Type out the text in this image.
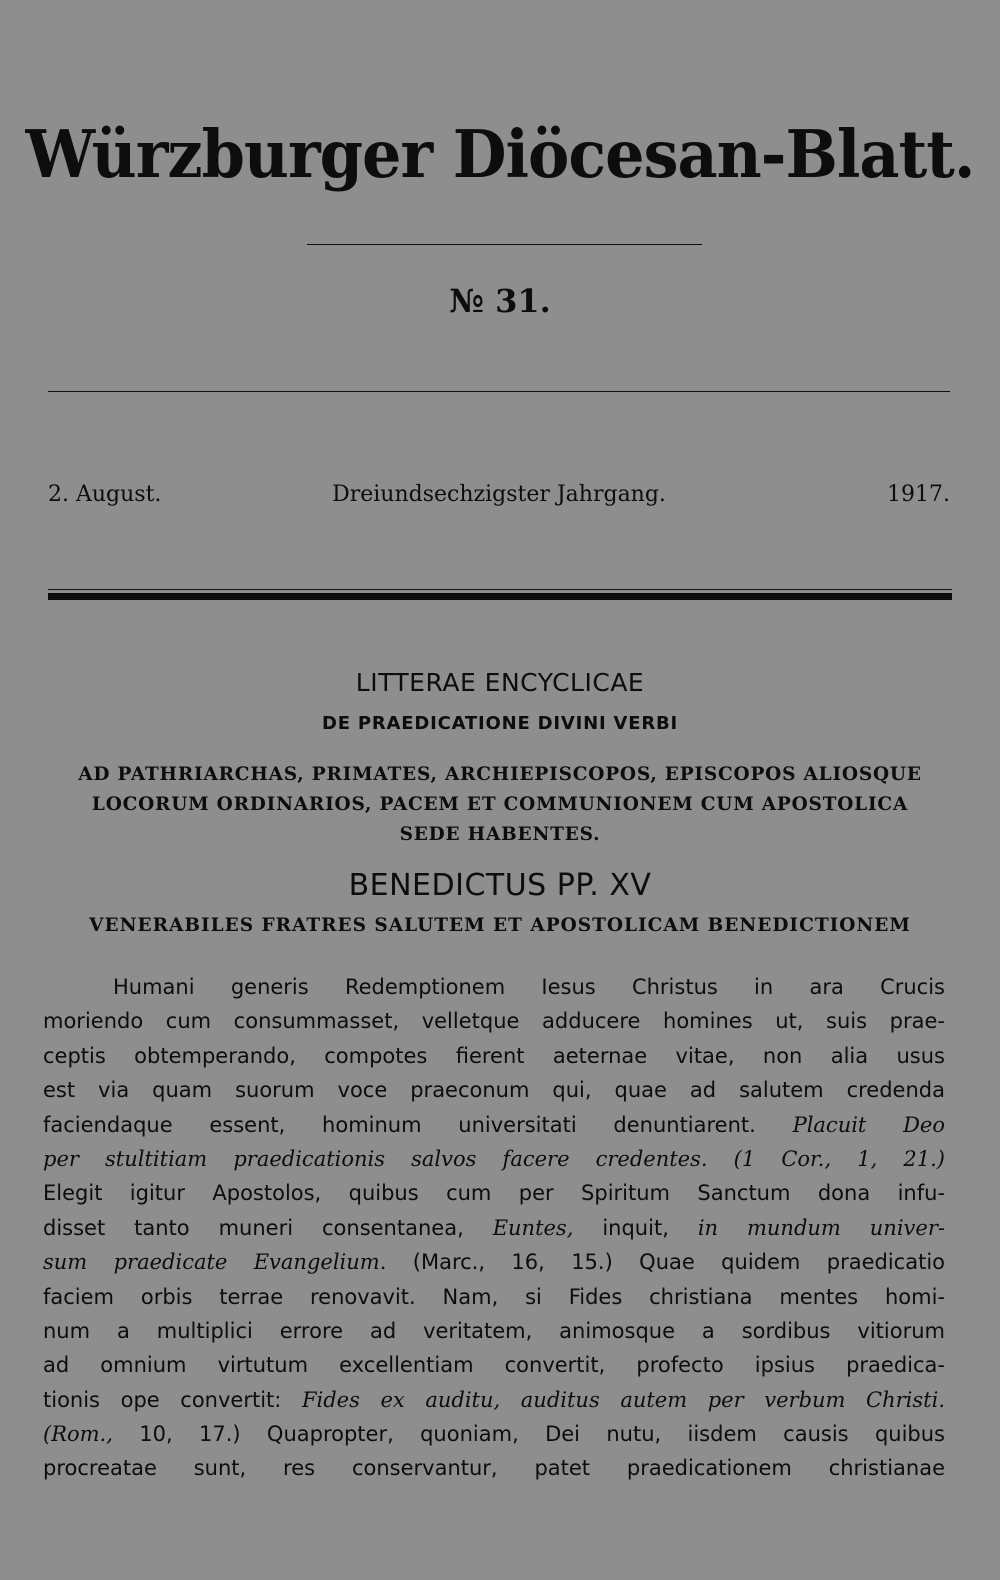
Würzburger Diöcesan-Blatt.
№ 31.
Dreiundsechzigster Jahrgang.
2. August.	1917.
LITTERAE ENCYCLICAE
DE PRAEDICATIONE DIVINI VERBI
AD PATHRIARCHAS, PRIMATES, ARCHIEPISCOPOS, EPISCOPOS ALIOSQUE
LOCORUM ORDINARIOS, PACEM ET COMMUNIONEM CUM APOSTOLICA
SEDE HABENTES.
BENEDICTUS PP. XV
VENERABILES FRATRES SALUTEM ET APOSTOLICAM BENEDICTIONEM
Humani generis Redemptionem Iesus Christus in ara Crucis
moriendo cum consummasset, velletque adducere homines ut, suis prae-
ceptis obtemperando, compotes fierent aeternae vitae, non alia usus
est via quam suorum voce praeconum qui, quae ad salutem credenda
faciendaque essent, hominum universitati denuntiarent. Placuit Deo
per stultitiam praedicationis salvos facere credentes. (1 Cor., 1, 21.)
Elegit igitur Apostolos, quibus cum per Spiritum Sanctum dona infu-
disset tanto muneri consentanea, Euntes, inquit, in mundum univer-
sum praedicate Evangelium. (Marc., 16, 15.) Quae quidem praedicatio
faciem orbis terrae renovavit. Nam, si Fides christiana mentes homi-
num a multiplici errore ad veritatem, animosque a sordibus vitiorum
ad omnium virtutum excellentiam convertit, profecto ipsius praedica-
tionis ope convertit: Fides ex auditu, auditus autem per verbum Christi.
(Rom., 10, 17.) Quapropter, quoniam, Dei nutu, iisdem causis quibus
procreatae sunt, res conservantur, patet praedicationem christianae
